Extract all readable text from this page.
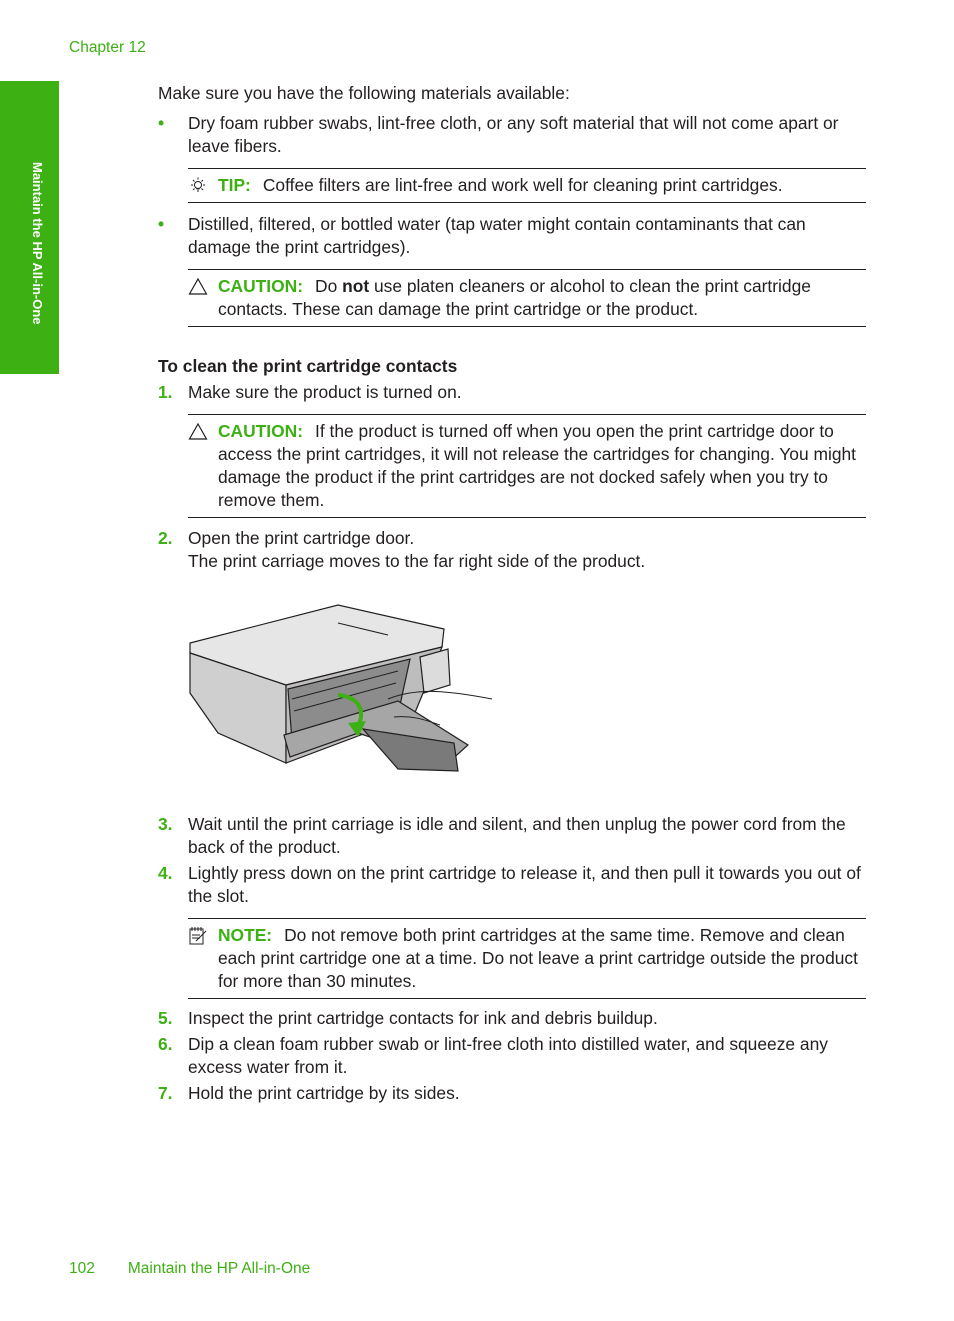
Chapter 12
Maintain the HP All-in-One

Make sure you have the following materials available:

• Dry foam rubber swabs, lint-free cloth, or any soft material that will not come apart or leave fibers.
TIP: Coffee filters are lint-free and work well for cleaning print cartridges.
• Distilled, filtered, or bottled water (tap water might contain contaminants that can damage the print cartridges).
CAUTION: Do not use platen cleaners or alcohol to clean the print cartridge contacts. These can damage the print cartridge or the product.

To clean the print cartridge contacts

1. Make sure the product is turned on.
CAUTION: If the product is turned off when you open the print cartridge door to access the print cartridges, it will not release the cartridges for changing. You might damage the product if the print cartridges are not docked safely when you try to remove them.
2. Open the print cartridge door.
The print carriage moves to the far right side of the product.
3. Wait until the print carriage is idle and silent, and then unplug the power cord from the back of the product.
4. Lightly press down on the print cartridge to release it, and then pull it towards you out of the slot.
NOTE: Do not remove both print cartridges at the same time. Remove and clean each print cartridge one at a time. Do not leave a print cartridge outside the product for more than 30 minutes.
5. Inspect the print cartridge contacts for ink and debris buildup.
6. Dip a clean foam rubber swab or lint-free cloth into distilled water, and squeeze any excess water from it.
7. Hold the print cartridge by its sides.
102 Maintain the HP All-in-One
